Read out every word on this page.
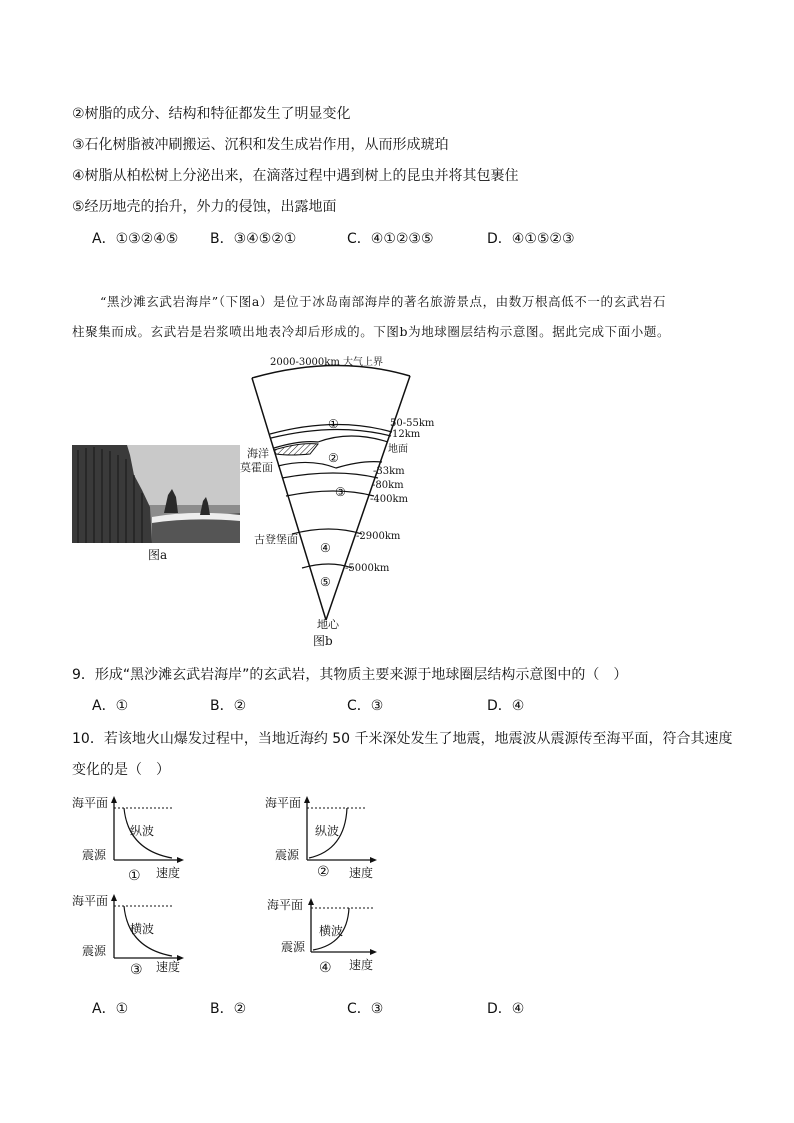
②树脂的成分、结构和特征都发生了明显变化
③石化树脂被冲刷搬运、沉积和发生成岩作用，从而形成琥珀
④树脂从柏松树上分泌出来，在滴落过程中遇到树上的昆虫并将其包裹住
⑤经历地壳的抬升，外力的侵蚀，出露地面
A．①③②④⑤ B．③④⑤②①	C．④①②③⑤	D．④①⑤②③
“黑沙滩玄武岩海岸”（下图a）是位于冰岛南部海岸的著名旅游景点，由数万根高低不一的玄武岩石
柱聚集而成。玄武岩是岩浆喷出地表冷却后形成的。下图b为地球圈层结构示意图。据此完成下面小题。
图a
①
②
③
④
⑤
2000-3000km 大气上界
50-55km
12km
地面
-33km
-80km
-400km
-2900km
-5000km
海洋
莫霍面
古登堡面
地心
图b
9．形成“黑沙滩玄武岩海岸”的玄武岩，其物质主要来源于地球圈层结构示意图中的（　）
A．①	B．②	C．③	D．④
10．若该地火山爆发过程中，当地近海约 50 千米深处发生了地震，地震波从震源传至海平面，符合其速度
变化的是（　）
海平面
震源
纵波
速度
①
海平面
震源
纵波
速度
②
海平面
震源
横波
速度
③
海平面
震源
横波
速度
④
A．①	B．②	C．③	D．④
